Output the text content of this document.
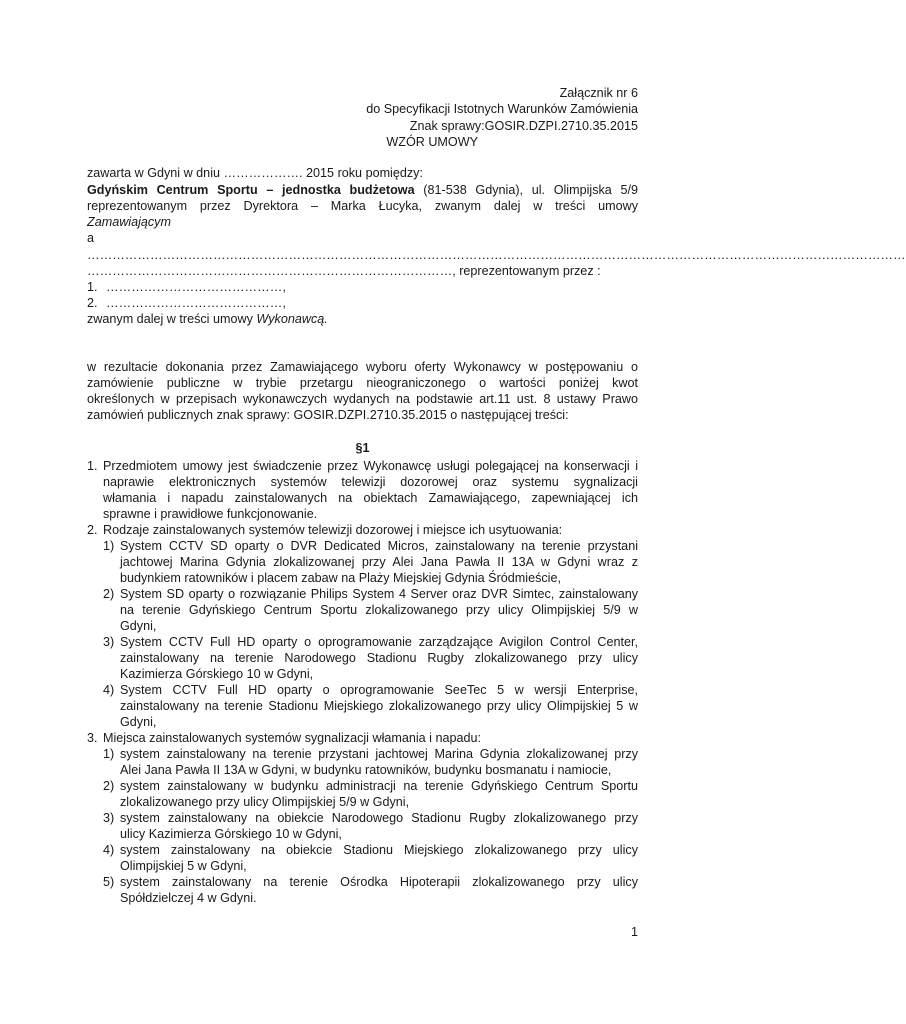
Załącznik nr 6
do Specyfikacji Istotnych Warunków Zamówienia
Znak sprawy:GOSIR.DZPI.2710.35.2015
WZÓR UMOWY
zawarta w Gdyni w dniu ………………. 2015 roku pomiędzy:
Gdyńskim Centrum Sportu – jednostka budżetowa (81-538 Gdynia), ul. Olimpijska 5/9
reprezentowanym przez Dyrektora – Marka Łucyka, zwanym dalej w treści umowy
Zamawiającym
a
……………………………………………………………………………………………………………………………………………………………………………
……………………………………………………………………………, reprezentowanym przez :
1. ……………………………………,
2. ……………………………………,
zwanym dalej w treści umowy Wykonawcą.
w rezultacie dokonania przez Zamawiającego wyboru oferty Wykonawcy w postępowaniu o
zamówienie publiczne w trybie przetargu nieograniczonego o wartości poniżej kwot
określonych w przepisach wykonawczych wydanych na podstawie art.11 ust. 8 ustawy Prawo
zamówień publicznych znak sprawy: GOSIR.DZPI.2710.35.2015 o następującej treści:
§1
1. Przedmiotem umowy jest świadczenie przez Wykonawcę usługi polegającej na konserwacji i
naprawie elektronicznych systemów telewizji dozorowej oraz systemu sygnalizacji
włamania i napadu zainstalowanych na obiektach Zamawiającego, zapewniającej ich
sprawne i prawidłowe funkcjonowanie.
2. Rodzaje zainstalowanych systemów telewizji dozorowej i miejsce ich usytuowania:
1) System CCTV SD oparty o DVR Dedicated Micros, zainstalowany na terenie przystani
jachtowej Marina Gdynia zlokalizowanej przy Alei Jana Pawła II 13A w Gdyni wraz z
budynkiem ratowników i placem zabaw na Plaży Miejskiej Gdynia Śródmieście,
2) System SD oparty o rozwiązanie Philips System 4 Server oraz DVR Simtec, zainstalowany
na terenie Gdyńskiego Centrum Sportu zlokalizowanego przy ulicy Olimpijskiej 5/9 w
Gdyni,
3) System CCTV Full HD oparty o oprogramowanie zarządzające Avigilon Control Center,
zainstalowany na terenie Narodowego Stadionu Rugby zlokalizowanego przy ulicy
Kazimierza Górskiego 10 w Gdyni,
4) System CCTV Full HD oparty o oprogramowanie SeeTec 5 w wersji Enterprise,
zainstalowany na terenie Stadionu Miejskiego zlokalizowanego przy ulicy Olimpijskiej 5 w
Gdyni,
3. Miejsca zainstalowanych systemów sygnalizacji włamania i napadu:
1) system zainstalowany na terenie przystani jachtowej Marina Gdynia zlokalizowanej przy
Alei Jana Pawła II 13A w Gdyni, w budynku ratowników, budynku bosmanatu i namiocie,
2) system zainstalowany w budynku administracji na terenie Gdyńskiego Centrum Sportu
zlokalizowanego przy ulicy Olimpijskiej 5/9 w Gdyni,
3) system zainstalowany na obiekcie Narodowego Stadionu Rugby zlokalizowanego przy
ulicy Kazimierza Górskiego 10 w Gdyni,
4) system zainstalowany na obiekcie Stadionu Miejskiego zlokalizowanego przy ulicy
Olimpijskiej 5 w Gdyni,
5) system zainstalowany na terenie Ośrodka Hipoterapii zlokalizowanego przy ulicy
Spółdzielczej 4 w Gdyni.
1
